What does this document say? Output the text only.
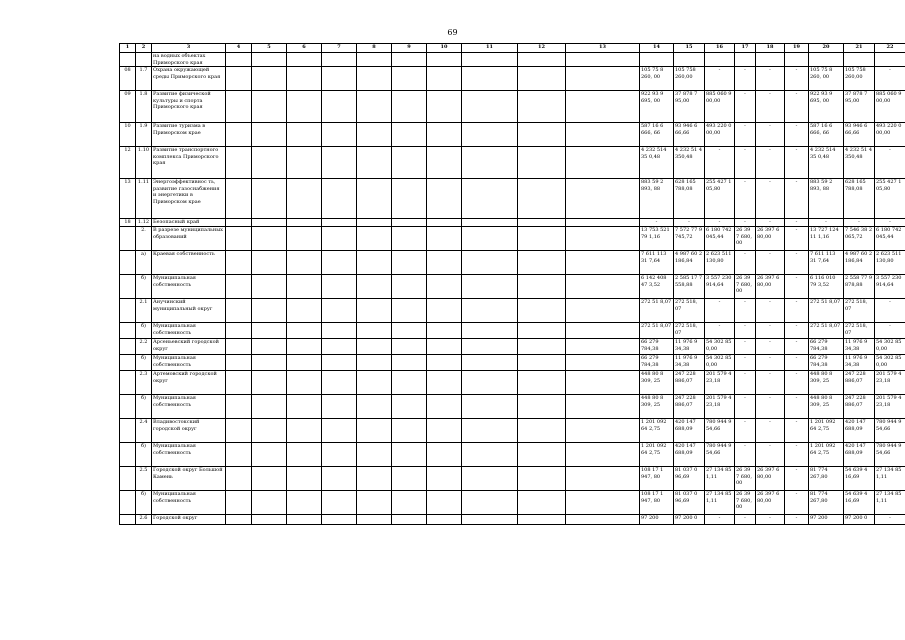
69
1	2	3	4	5	6	7	8	9	10	11	12	13	14	15	16	17	18	19	20	21	22
		на водных объектах Приморского края																			
08	1.7	Охрана окружающей среды Приморского края											105 75 8 260, 00	105 758 260,00	-	-	-	-	105 75 8 260, 00	105 758 260,00	-
09	1.8	Развитие физической культуры и спорта Приморского края											922 93 9 695, 00	37 878 7 95,00	885 060 9 00,00	-	-	-	922 93 9 695, 00	37 878 7 95,00	885 060 9 00,00
10	1.9	Развитие туризма в Приморском крае											587 16 6 666, 66	93 946 6 66,66	493 220 0 00,00	-	-	-	587 16 6 666, 66	93 946 6 66,66	493 220 0 00,00
12	1.10	Развитие транспортного комплекса Приморского края											4 232 514 35 0,48	4 232 51 4 350,48	-	-	-	-	4 232 514 35 0,48	4 232 51 4 350,48	-
13	1.11	Энергоэффективнос ть, развитие газоснабжения и энергетики в Приморском крае											883 59 2 893, 88	628 165 788,08	255 427 1 05,80	-	-	-	883 59 2 893, 88	628 165 788,08	255 427 1 05,80
18	1.12	Безопасный край											-	-	-	-	-	-	-	-	-
	2.	В разрезе муниципальных образований											13 753 521 79 1,16	7 572 77 9 745,72	6 180 742 045,44	26 39 7 680, 00	26 397 6 80,00	-	13 727 124 11 1,16	7 546 38 2 065,72	6 180 742 045,44
	а)	Краевая собственность											7 611 113 31 7,64	4 987 60 2 186,84	2 623 511 130,80	-	-	-	7 611 113 31 7,64	4 987 60 2 186,84	2 623 511 130,80
	б)	Муниципальная собственность											6 142 408 47 3,52	2 585 17 7 558,88	3 557 230 914,64	26 39 7 680, 00	26 397 6 80,00	-	6 116 010 79 3,52	2 558 77 9 878,88	3 557 230 914,64
	2.1	Анучинский муниципальный округ											272 51 8,07	272 518, 07	-	-	-	-	272 51 8,07	272 518, 07	-
	б)	Муниципальная собственность											272 51 8,07	272 518, 07	-	-	-	-	272 51 8,07	272 518, 07	-
	2.2	Арсеньевский городской округ											66 279 784,38	11 976 9 34,38	54 302 85 0,00	-	-	-	66 279 784,38	11 976 9 34,38	54 302 85 0,00
	б)	Муниципальная собственность											66 279 784,38	11 976 9 34,38	54 302 85 0,00	-	-	-	66 279 784,38	11 976 9 34,38	54 302 85 0,00
	2.3	Артемовский городской округ											448 80 8 309, 25	247 228 886,07	201 579 4 23,18	-	-	-	448 80 8 309, 25	247 228 886,07	201 579 4 23,18
	б)	Муниципальная собственность											448 80 8 309, 25	247 228 886,07	201 579 4 23,18	-	-	-	448 80 8 309, 25	247 228 886,07	201 579 4 23,18
	2.4	Владивостокский городской округ											1 201 092 64 2,75	420 147 688,09	780 944 9 54,66	-	-	-	1 201 092 64 2,75	420 147 688,09	780 944 9 54,66
	б)	Муниципальная собственность											1 201 092 64 2,75	420 147 688,09	780 944 9 54,66	-	-	-	1 201 092 64 2,75	420 147 688,09	780 944 9 54,66
	2.5	Городской округ Большой Камень											108 17 1 947, 80	81 037 0 96,69	27 134 85 1,11	26 39 7 680, 00	26 397 6 80,00	-	81 774 267,80	54 639 4 16,69	27 134 85 1,11
	б)	Муниципальная собственность											108 17 1 947, 80	81 037 0 96,69	27 134 85 1,11	26 39 7 680, 00	26 397 6 80,00	-	81 774 267,80	54 639 4 16,69	27 134 85 1,11
	2.6	Городской округ											97 200	97 200 0	-	-	-	-	97 200	97 200 0	-
